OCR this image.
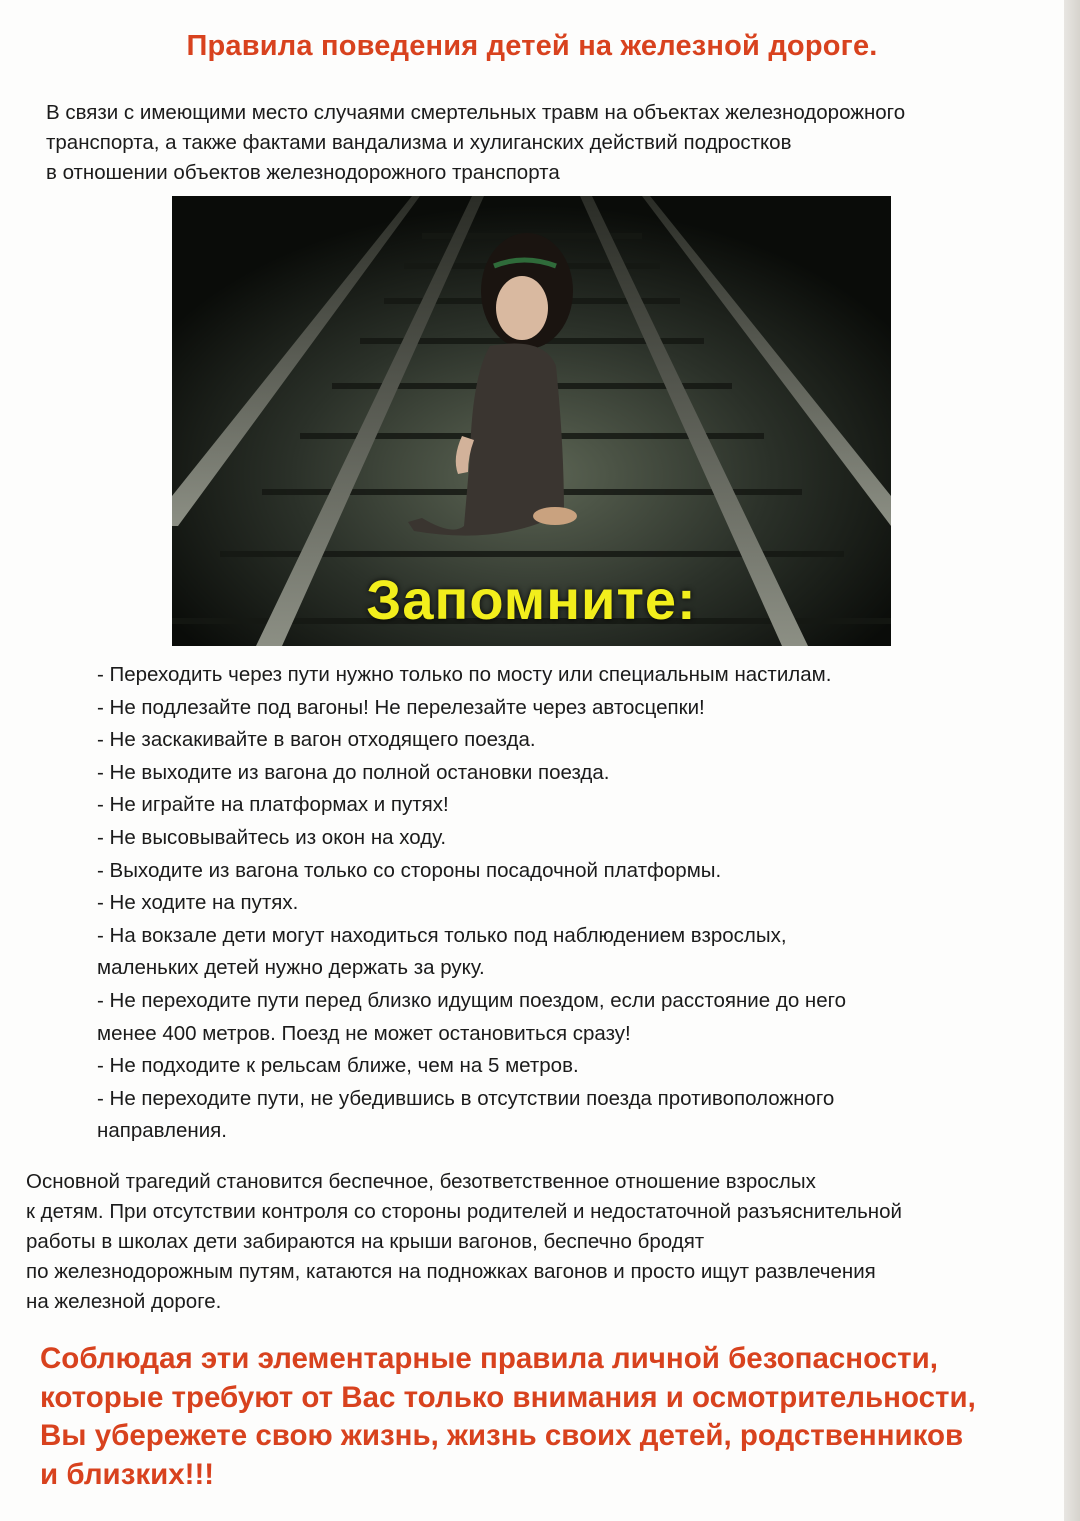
Правила поведения детей на железной дороге.
В связи с имеющими место случаями смертельных травм на объектах железнодорожного
транспорта, а также фактами вандализма и хулиганских действий подростков
в отношении объектов железнодорожного транспорта
Запомните:
- Переходить через пути нужно только по мосту или специальным настилам.
- Не подлезайте под вагоны! Не перелезайте через автосцепки!
- Не заскакивайте в вагон отходящего поезда.
- Не выходите из вагона до полной остановки поезда.
- Не играйте на платформах и путях!
- Не высовывайтесь из окон на ходу.
- Выходите из вагона только со стороны посадочной платформы.
- Не ходите на путях.
- На вокзале дети могут находиться только под наблюдением взрослых,
маленьких детей нужно держать за руку.
- Не переходите пути перед близко идущим поездом, если расстояние до него
менее 400 метров. Поезд не может остановиться сразу!
- Не подходите к рельсам ближе, чем на 5 метров.
- Не переходите пути, не убедившись в отсутствии поезда противоположного
направления.
Основной трагедий становится беспечное, безответственное отношение взрослых
к детям. При отсутствии контроля со стороны родителей и недостаточной разъяснительной
работы в школах дети забираются на крыши вагонов, беспечно бродят
по железнодорожным путям, катаются на подножках вагонов и просто ищут развлечения
на железной дороге.
Соблюдая эти элементарные правила личной безопасности,
которые требуют от Вас только внимания и осмотрительности,
Вы убережете свою жизнь, жизнь своих детей, родственников
и близких!!!
